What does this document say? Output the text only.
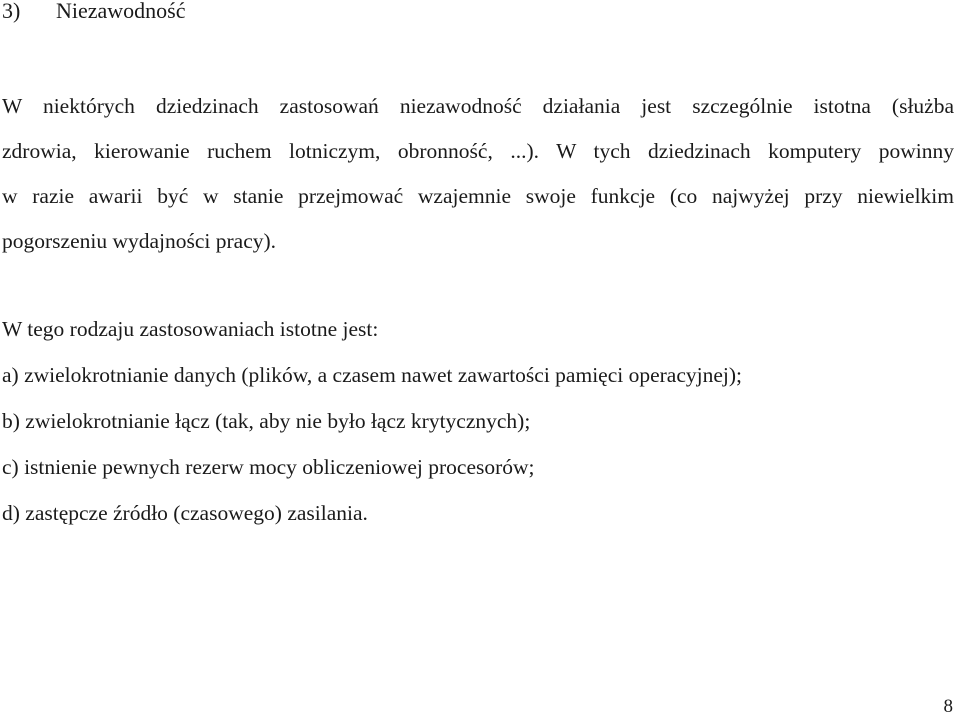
3) Niezawodność

W niektórych dziedzinach zastosowań niezawodność działania jest szczególnie istotna (służba
zdrowia, kierowanie ruchem lotniczym, obronność, ...). W tych dziedzinach komputery powinny
w razie awarii być w stanie przejmować wzajemnie swoje funkcje (co najwyżej przy niewielkim
pogorszeniu wydajności pracy).

W tego rodzaju zastosowaniach istotne jest:
a) zwielokrotnianie danych (plików, a czasem nawet zawartości pamięci operacyjnej);
b) zwielokrotnianie łącz (tak, aby nie było łącz krytycznych);
c) istnienie pewnych rezerw mocy obliczeniowej procesorów;
d) zastępcze źródło (czasowego) zasilania.
8
